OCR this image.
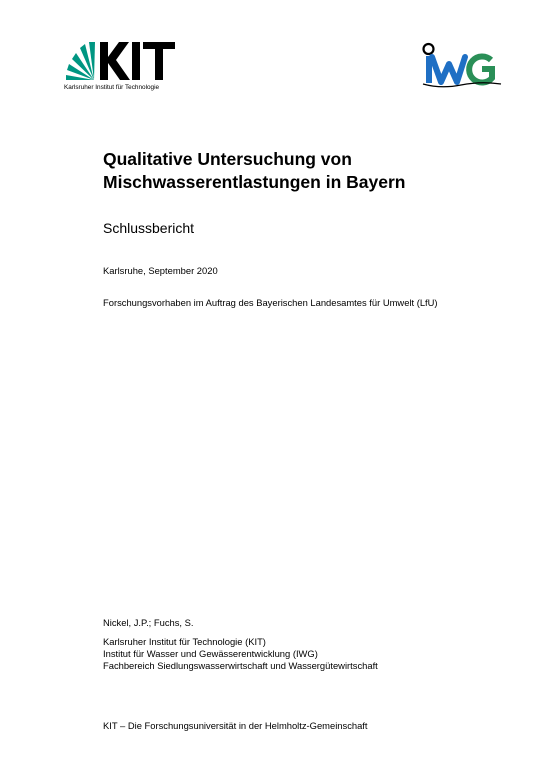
Karlsruher Institut für Technologie
Qualitative Untersuchung von
Mischwasserentlastungen in Bayern
Schlussbericht
Karlsruhe, September 2020
Forschungsvorhaben im Auftrag des Bayerischen Landesamtes für Umwelt (LfU)
Nickel, J.P.; Fuchs, S.
Karlsruher Institut für Technologie (KIT)
Institut für Wasser und Gewässerentwicklung (IWG)
Fachbereich Siedlungswasserwirtschaft und Wassergütewirtschaft
KIT – Die Forschungsuniversität in der Helmholtz-Gemeinschaft
